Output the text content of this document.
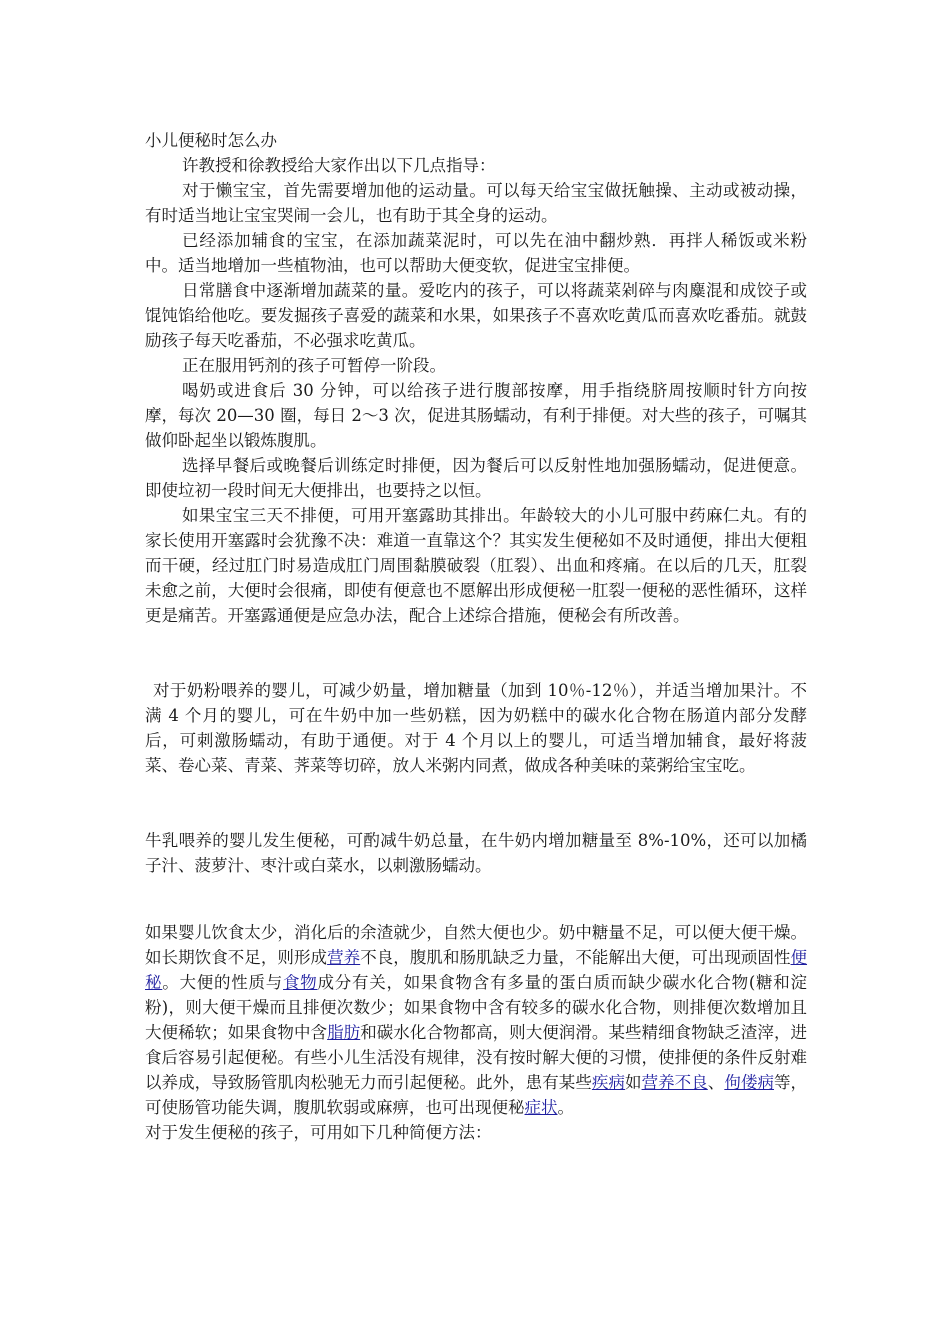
小儿便秘时怎么办

许教授和徐教授给大家作出以下几点指导：

对于懒宝宝，首先需要增加他的运动量。可以每天给宝宝做抚触操、主动或被动操，有时适当地让宝宝哭闹一会儿，也有助于其全身的运动。

已经添加辅食的宝宝，在添加蔬菜泥时，可以先在油中翻炒熟．再拌人稀饭或米粉中。适当地增加一些植物油，也可以帮助大便变软，促进宝宝排便。

日常膳食中逐渐增加蔬菜的量。爱吃内的孩子，可以将蔬菜剁碎与肉麋混和成饺子或馄饨馅给他吃。要发掘孩子喜爱的蔬菜和水果，如果孩子不喜欢吃黄瓜而喜欢吃番茄。就鼓励孩子每天吃番茄，不必强求吃黄瓜。

正在服用钙剂的孩子可暂停一阶段。

喝奶或进食后 30 分钟，可以给孩子进行腹部按摩，用手指绕脐周按顺时针方向按摩，每次 20—30 圈，每日 2～3 次，促进其肠蠕动，有利于排便。对大些的孩子，可嘱其做仰卧起坐以锻炼腹肌。

选择早餐后或晚餐后训练定时排便，因为餐后可以反射性地加强肠蠕动，促进便意。即使垃初一段时间无大便排出，也要持之以恒。

如果宝宝三天不排便，可用开塞露助其排出。年龄较大的小儿可服中药麻仁丸。有的家长使用开塞露时会犹豫不决：难道一直靠这个？其实发生便秘如不及时通便，排出大便粗而干硬，经过肛门时易造成肛门周围黏膜破裂（肛裂）、出血和疼痛。在以后的几天，肛裂未愈之前，大便时会很痛，即使有便意也不愿解出形成便秘一肛裂一便秘的恶性循环，这样更是痛苦。开塞露通便是应急办法，配合上述综合措施，便秘会有所改善。

对于奶粉喂养的婴儿，可减少奶量，增加糖量（加到 10％-12％），并适当增加果汁。不满 4 个月的婴儿，可在牛奶中加一些奶糕，因为奶糕中的碳水化合物在肠道内部分发酵后，可刺激肠蠕动，有助于通便。对于 4 个月以上的婴儿，可适当增加辅食，最好将菠菜、卷心菜、青菜、荠菜等切碎，放人米粥内同煮，做成各种美味的菜粥给宝宝吃。

牛乳喂养的婴儿发生便秘，可酌减牛奶总量，在牛奶内增加糖量至 8%-10%，还可以加橘子汁、菠萝汁、枣汁或白菜水，以刺激肠蠕动。

如果婴儿饮食太少，消化后的余渣就少，自然大便也少。奶中糖量不足，可以便大便干燥。如长期饮食不足，则形成营养不良，腹肌和肠肌缺乏力量，不能解出大便，可出现顽固性便秘。大便的性质与食物成分有关，如果食物含有多量的蛋白质而缺少碳水化合物(糖和淀粉)，则大便干燥而且排便次数少；如果食物中含有较多的碳水化合物，则排便次数增加且大便稀软；如果食物中含脂肪和碳水化合物都高，则大便润滑。某些精细食物缺乏渣滓，进食后容易引起便秘。有些小儿生活没有规律，没有按时解大便的习惯，使排便的条件反射难以养成，导致肠管肌肉松驰无力而引起便秘。此外，患有某些疾病如营养不良、佝偻病等，可使肠管功能失调，腹肌软弱或麻痹，也可出现便秘症状。

对于发生便秘的孩子，可用如下几种简便方法：
